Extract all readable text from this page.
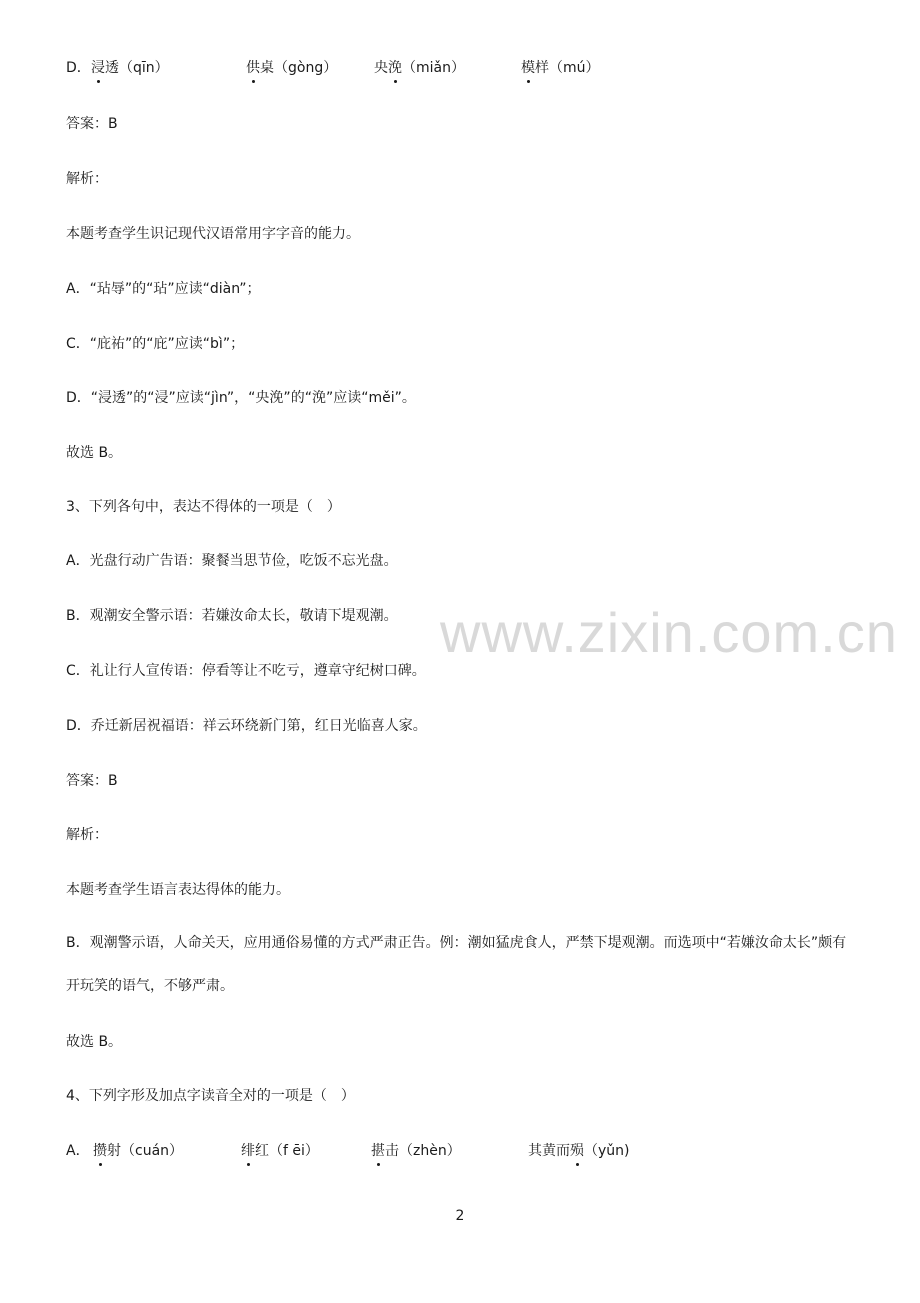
D． 浸透（qīn）	供桌（gòng）	央浼（miǎn）	模样（mú）
答案：B
解析：
本题考查学生识记现代汉语常用字字音的能力。
A．“玷辱”的“玷”应读“diàn”；
C．“庇祐”的“庇”应读“bì”；
D．“浸透”的“浸”应读“jìn”，“央浼”的“浼”应读“měi”。
故选 B。
3、下列各句中，表达不得体的一项是（　）
A．光盘行动广告语：聚餐当思节俭，吃饭不忘光盘。
B．观潮安全警示语：若嫌汝命太长，敬请下堤观潮。
C．礼让行人宣传语：停看等让不吃亏，遵章守纪树口碑。
D．乔迁新居祝福语：祥云环绕新门第，红日光临喜人家。
答案：B
解析：
本题考查学生语言表达得体的能力。
B．观潮警示语，人命关天，应用通俗易懂的方式严肃正告。例：潮如猛虎食人，严禁下堤观潮。而选项中“若嫌汝命太长”颇有开玩笑的语气，不够严肃。
故选 B。
4、下列字形及加点字读音全对的一项是（　）
A． 攒射（cuán）	绯红（f ēi）	揕击（zhèn）	其黄而殒（yǔn)
www.zixin.com.cn
2
